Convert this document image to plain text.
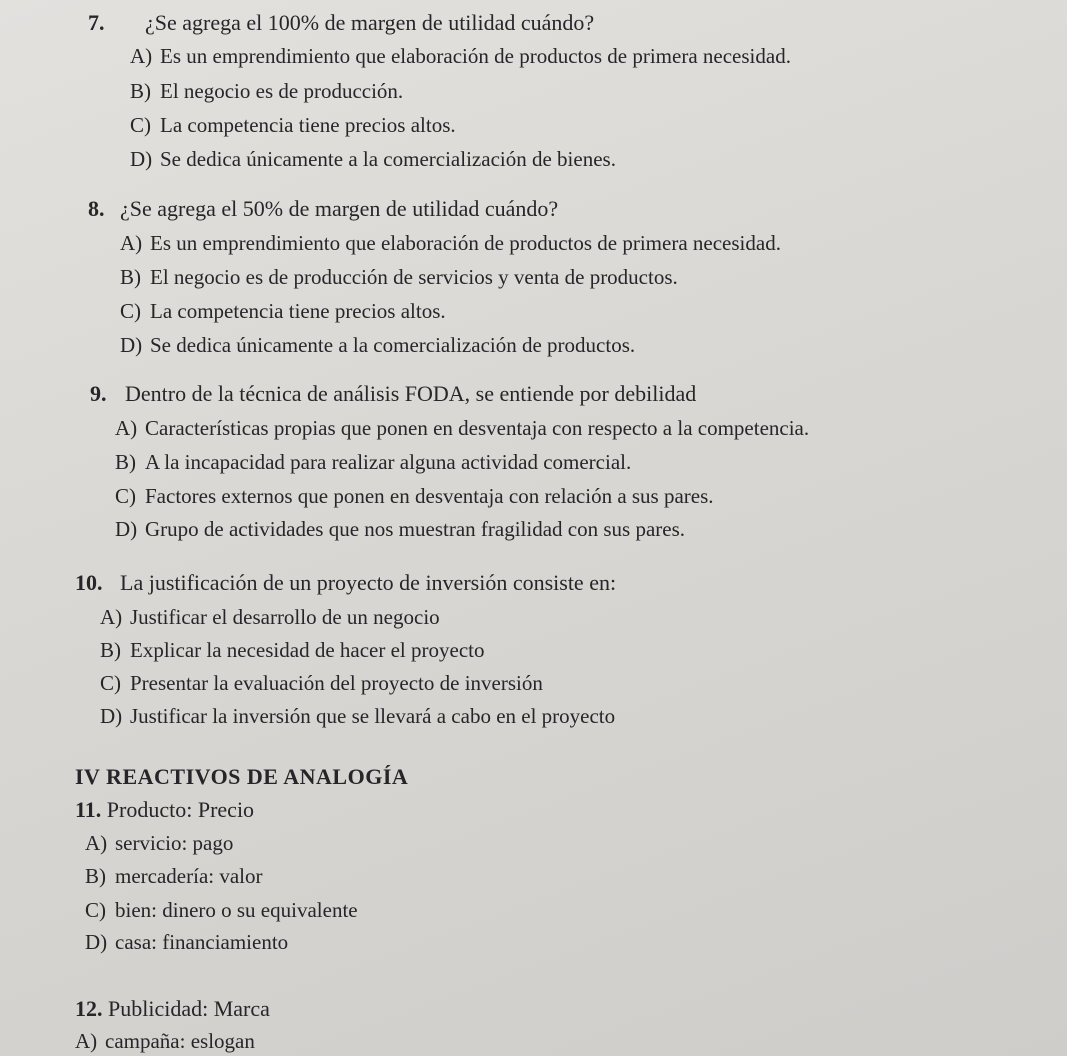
7. ¿Se agrega el 100% de margen de utilidad cuándo?
A) Es un emprendimiento que elaboración de productos de primera necesidad.
B) El negocio es de producción.
C) La competencia tiene precios altos.
D) Se dedica únicamente a la comercialización de bienes.
8. ¿Se agrega el 50% de margen de utilidad cuándo?
A) Es un emprendimiento que elaboración de productos de primera necesidad.
B) El negocio es de producción de servicios y venta de productos.
C) La competencia tiene precios altos.
D) Se dedica únicamente a la comercialización de productos.
9. Dentro de la técnica de análisis FODA, se entiende por debilidad
A) Características propias que ponen en desventaja con respecto a la competencia.
B) A la incapacidad para realizar alguna actividad comercial.
C) Factores externos que ponen en desventaja con relación a sus pares.
D) Grupo de actividades que nos muestran fragilidad con sus pares.
10. La justificación de un proyecto de inversión consiste en:
A) Justificar el desarrollo de un negocio
B) Explicar la necesidad de hacer el proyecto
C) Presentar la evaluación del proyecto de inversión
D) Justificar la inversión que se llevará a cabo en el proyecto
IV REACTIVOS DE ANALOGÍA
11. Producto: Precio
A) servicio: pago
B) mercadería: valor
C) bien: dinero o su equivalente
D) casa: financiamiento
12. Publicidad: Marca
A) campaña: eslogan
